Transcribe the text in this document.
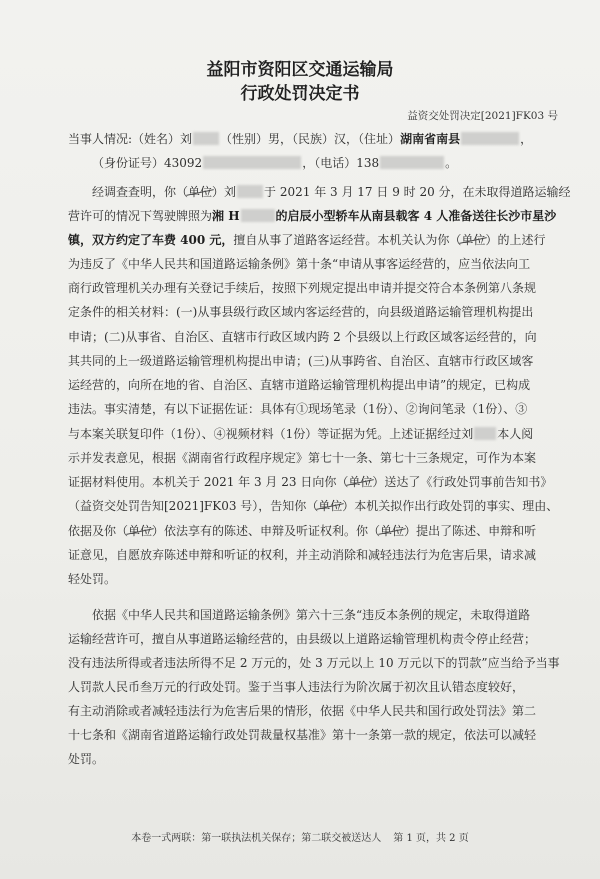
益阳市资阳区交通运输局
行政处罚决定书
益资交处罚决定[2021]FK03 号
当事人情况:（姓名）刘 （性别）男，（民族）汉，（住址）湖南省南县	，
（身份证号）43092	，（电话）138	。
经调查查明，你（单位）刘 于 2021 年 3 月 17 日 9 时 20 分，在未取得道路运输经
营许可的情况下驾驶牌照为湘 H	的启辰小型轿车从南县载客 4 人准备送往长沙市星沙
镇，双方约定了车费 400 元，擅自从事了道路客运经营。本机关认为你（单位）的上述行
为违反了《中华人民共和国道路运输条例》第十条“申请从事客运经营的，应当依法向工
商行政管理机关办理有关登记手续后，按照下列规定提出申请并提交符合本条例第八条规
定条件的相关材料：(一)从事县级行政区域内客运经营的，向县级道路运输管理机构提出
申请；(二)从事省、自治区、直辖市行政区域内跨 2 个县级以上行政区域客运经营的，向
其共同的上一级道路运输管理机构提出申请；(三)从事跨省、自治区、直辖市行政区域客
运经营的，向所在地的省、自治区、直辖市道路运输管理机构提出申请”的规定，已构成
违法。事实清楚，有以下证据佐证：具体有①现场笔录（1份）、②询问笔录（1份）、③
与本案关联复印件（1份）、④视频材料（1份）等证据为凭。上述证据经过刘 本人阅
示并发表意见，根据《湖南省行政程序规定》第七十一条、第七十三条规定，可作为本案
证据材料使用。本机关于 2021 年 3 月 23 日向你（单位）送达了《行政处罚事前告知书》
（益资交处罚告知[2021]FK03 号），告知你（单位）本机关拟作出行政处罚的事实、理由、
依据及你（单位）依法享有的陈述、申辩及听证权利。你（单位）提出了陈述、申辩和听
证意见，自愿放弃陈述申辩和听证的权利，并主动消除和减轻违法行为危害后果，请求减
轻处罚。
依据《中华人民共和国道路运输条例》第六十三条“违反本条例的规定，未取得道路
运输经营许可，擅自从事道路运输经营的，由县级以上道路运输管理机构责令停止经营；
没有违法所得或者违法所得不足 2 万元的，处 3 万元以上 10 万元以下的罚款”应当给予当事
人罚款人民币叁万元的行政处罚。鉴于当事人违法行为阶次属于初次且认错态度较好，
有主动消除或者减轻违法行为危害后果的情形，依据《中华人民共和国行政处罚法》第二
十七条和《湖南省道路运输行政处罚裁量权基准》第十一条第一款的规定，依法可以减轻
处罚。
本卷一式两联：第一联执法机关保存；第二联交被送达人 第 1 页，共 2 页
